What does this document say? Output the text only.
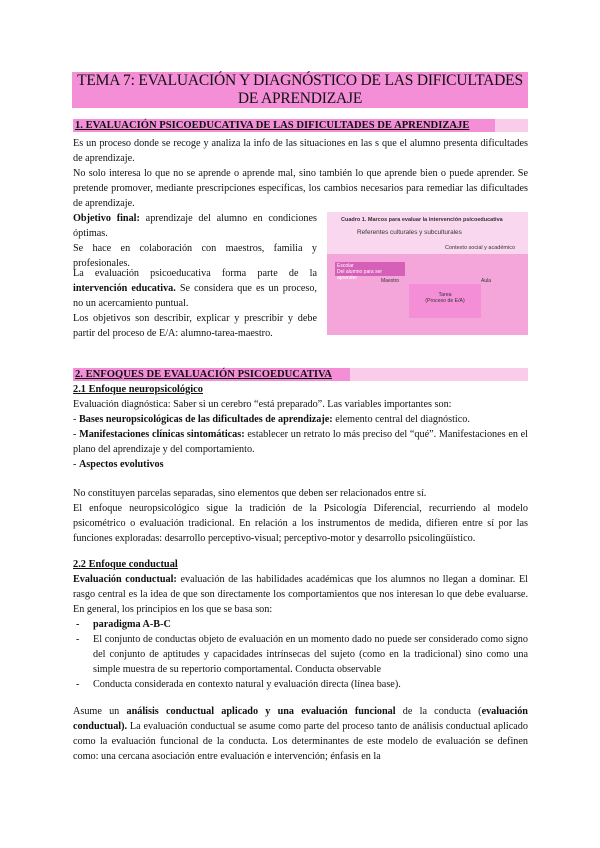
TEMA 7: EVALUACIÓN Y DIAGNÓSTICO DE LAS DIFICULTADES
DE APRENDIZAJE
1. EVALUACIÓN PSICOEDUCATIVA DE LAS DIFICULTADES DE APRENDIZAJE
Es un proceso donde se recoge y analiza la info de las situaciones en las s que el alumno presenta dificultades de aprendizaje.
No solo interesa lo que no se aprende o aprende mal, sino también lo que aprende bien o puede aprender. Se pretende promover, mediante prescripciones específicas, los cambios necesarios para remediar las dificultades de aprendizaje.
Objetivo final: aprendizaje del alumno en condiciones óptimas.
Se hace en colaboración con maestros, familia y profesionales.
La evaluación psicoeducativa forma parte de la intervención educativa. Se considera que es un proceso, no un acercamiento puntual.
Los objetivos son describir, explicar y prescribir y debe partir del proceso de E/A: alumno-tarea-maestro.
Cuadro 1. Marcos para evaluar la intervención psicoeducativa
Referentes culturales y subculturales
Contexto social y académico
Escolar
Del alumno para ser aprender	Maestro	Aula
Tarea
(Proceso de E/A)
2. ENFOQUES DE EVALUACIÓN PSICOEDUCATIVA
2.1 Enfoque neuropsicológico
Evaluación diagnóstica: Saber si un cerebro “está preparado”. Las variables importantes son:
- Bases neuropsicológicas de las dificultades de aprendizaje: elemento central del diagnóstico.
- Manifestaciones clínicas sintomáticas: establecer un retrato lo más preciso del “qué”. Manifestaciones en el plano del aprendizaje y del comportamiento.
- Aspectos evolutivos
No constituyen parcelas separadas, sino elementos que deben ser relacionados entre sí.
El enfoque neuropsicológico sigue la tradición de la Psicología Diferencial, recurriendo al modelo psicométrico o evaluación tradicional. En relación a los instrumentos de medida, difieren entre sí por las funciones exploradas: desarrollo perceptivo-visual; perceptivo-motor y desarrollo psicolingüístico.
2.2 Enfoque conductual
Evaluación conductual: evaluación de las habilidades académicas que los alumnos no llegan a dominar. El rasgo central es la idea de que son directamente los comportamientos que nos interesan lo que debe evaluarse. En general, los principios en los que se basa son:
- paradigma A-B-C
- El conjunto de conductas objeto de evaluación en un momento dado no puede ser considerado como signo del conjunto de aptitudes y capacidades intrínsecas del sujeto (como en la tradicional) sino como una simple muestra de su repertorio comportamental. Conducta observable
- Conducta considerada en contexto natural y evaluación directa (línea base).
Asume un análisis conductual aplicado y una evaluación funcional de la conducta (evaluación conductual). La evaluación conductual se asume como parte del proceso tanto de análisis conductual aplicado como la evaluación funcional de la conducta. Los determinantes de este modelo de evaluación se definen como: una cercana asociación entre evaluación e intervención; énfasis en la
